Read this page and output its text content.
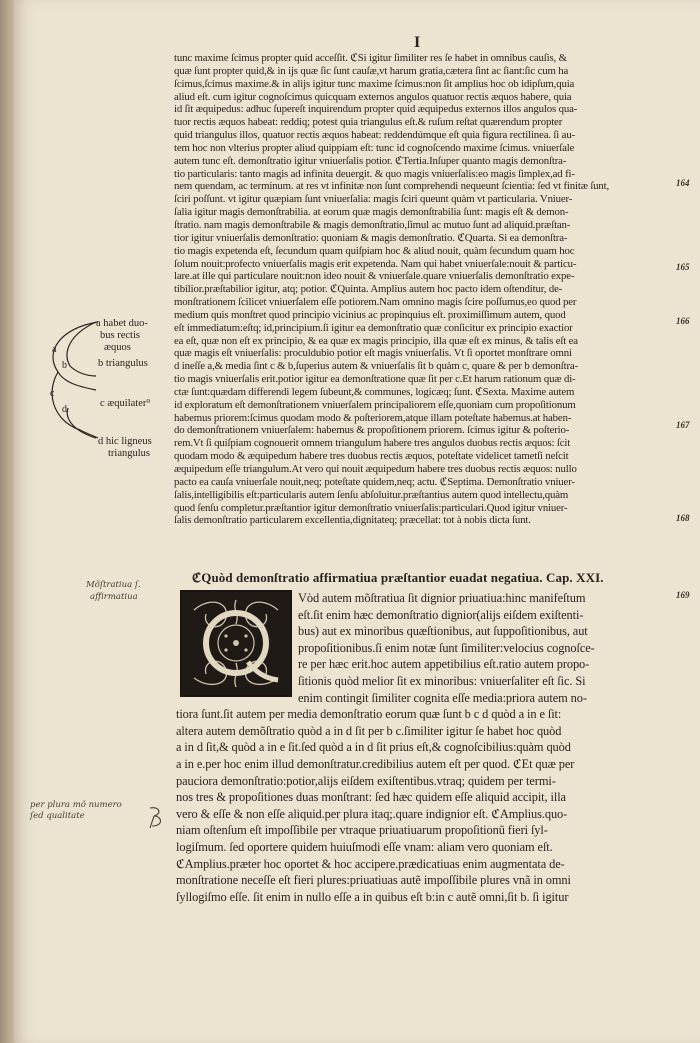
I
tunc maxime ſcimus propter quid acceſſit. ℭSi igitur ſimiliter res ſe habet in omnibus cauſis, &
quæ ſunt propter quid,& in ijs quæ ſic ſunt cauſæ,vt harum gratia,cætera ſint ac ſiant:ſic cum ha
ſcimus,ſcimus maxime.& in alijs igitur tunc maxime ſcimus:non ſit amplius hoc ob idipſum,quia
aliud eſt. cum igitur cognoſcimus quicquam externos angulos quatuor rectis æquos habere, quia
id ſit æquipedus: adhuc ſupereſt inquirendum propter quid æquipedus externos illos angulos qua-
tuor rectis æquos habeat: reddiq; potest quia triangulus eſt.& ruſum reſtat quærendum propter
quid triangulus illos, quatuor rectis æquos habeat: reddendúmque eſt quia figura rectilinea. ſi au-
tem hoc non vlterius propter aliud quippiam eſt: tunc id cognoſcendo maxime ſcimus. vniuerſale
autem tunc eſt. demonſtratio igitur vniuerſalis potior. ℭTertia.Inſuper quanto magis demonſtra-
tio particularis: tanto magis ad infinita deuergit. & quo magis vniuerſalis:eo magis ſimplex,ad fi-
nem quendam, ac terminum. at res vt infinitæ non ſunt comprehendi nequeunt ſcientia: ſed vt finitæ ſunt,
ſciri poſſunt. vt igitur quæpiam ſunt vniuerſalia: magis ſciri queunt quàm vt particularia. Vniuer-
ſalia igitur magis demonſtrabilia. at eorum quæ magis demonſtrabilia ſunt: magis eſt & demon-
ſtratio. nam magis demonſtrabile & magis demonſtratio,ſimul ac mutuo ſunt ad aliquid.præſtan-
tior igitur vniuerſalis demonſtratio: quoniam & magis demonſtratio. ℭQuarta. Si ea demonſtra-
tio magis expetenda eſt, ſecundum quam quiſpiam hoc & aliud nouit, quàm ſecundum quam hoc
ſolum nouit:profecto vniuerſalis magis erit expetenda. Nam qui habet vniuerſale:nouit & particu-
lare.at ille qui particulare nouit:non ideo nouit & vniuerſale.quare vniuerſalis demonſtratio expe-
tibilior.præſtabilior igitur, atq; potior. ℭQuinta. Amplius autem hoc pacto idem oſtenditur, de-
monſtrationem ſcilicet vniuerſalem eſſe potiorem.Nam omnino magis ſcire poſſumus,eo quod per
medium quis monſtret quod principio vicinius ac propinquius eſt. proximiſſimum autem, quod
eſt immediatum:eſtq; id,principium.ſi igitur ea demonſtratio quæ conſicitur ex principio exactior
ea eſt, quæ non eſt ex principio, & ea quæ ex magis principio, illa quæ eſt ex minus, & talis eſt ea
quæ magis eſt vniuerſalis: proculdubio potior eſt magis vniuerſalis. Vt ſi oportet monſtrare omni
d ineſſe a,& media ſint c & b,ſuperius autem & vniuerſalis ſit b quàm c, quare & per b demonſtra-
tio magis vniuerſalis erit.potior igitur ea demonſtratione quæ ſit per c.Et harum rationum quæ di-
ctæ ſunt:quædam differendi legem ſubeunt,& communes, logicæq; ſunt. ℭSexta. Maxime autem
id exploratum eſt demonſtrationem vniuerſalem principaliorem eſſe,quoniam cum propoſitionum
habemus priorem:ſcimus quodam modo & poſteriorem,atque illam poteſtate habemus.at haben-
do demonſtrationem vniuerſalem: habemus & propoſitionem priorem. ſcimus igitur & poſterio-
rem.Vt ſi quiſpiam cognouerit omnem triangulum habere tres angulos duobus rectis æquos: ſcit
quodam modo & æquipedum habere tres duobus rectis æquos, poteſtate videlicet tametſi neſcit
æquipedum eſſe triangulum.At vero qui nouit æquipedum habere tres duobus rectis æquos: nullo
pacto ea cauſa vniuerſale nouit,neq; poteſtate quidem,neq; actu. ℭSeptima. Demonſtratio vniuer-
ſalis,intelligibilis eſt:particularis autem ſenſu abſoluitur.præſtantius autem quod intellectu,quàm
quod ſenſu completur.præſtantior igitur demonſtratio vniuerſalis:particulari.Quod igitur vniuer-
ſalis demonſtratio particularem excellentia,dignitateq; præcellat: tot à nobis dicta ſunt.
ℭQuòd demonſtratio affirmatiua præſtantior euadat negatiua. Cap. XXI.
Vòd autem mõſtratiua ſit dignior priuatiua:hinc manifeſtum
eſt.ſit enim hæc demonſtratio dignior(alijs eiſdem exiſtenti-
bus) aut ex minoribus quæſtionibus, aut ſuppoſitionibus, aut
propoſitionibus.ſi enim notæ ſunt ſimiliter:velocius cognoſce-
re per hæc erit.hoc autem appetibilius eſt.ratio autem propo-
ſitionis quòd melior ſit ex minoribus: vniuerſaliter eſt ſic. Si
enim contingit ſimiliter cognita eſſe media:priora autem no-
tiora ſunt.ſit autem per media demonſtratio eorum quæ ſunt b c d quòd a in e ſit:
altera autem demõſtratio quòd a in d ſit per b c.ſimiliter igitur ſe habet hoc quòd
a in d ſit,& quòd a in e ſit.ſed quòd a in d ſit prius eſt,& cognoſcibilius:quàm quòd
a in e.per hoc enim illud demonſtratur.credibilius autem eſt per quod. ℭEt quæ per
pauciora demonſtratio:potior,alijs eiſdem exiſtentibus.vtraq; quidem per termi-
nos tres & propoſitiones duas monſtrant: ſed hæc quidem eſſe aliquid accipit, illa
vero & eſſe & non eſſe aliquid.per plura itaq;.quare indignior eſt. ℭAmplius.quo-
niam oſtenſum eſt impoſſibile per vtraque priuatiuarum propoſitionũ fieri ſyl-
logiſmum. ſed oportere quidem huiuſmodi eſſe vnam: aliam vero quoniam eſt.
ℭAmplius.præter hoc oportet & hoc accipere.prædicatiuas enim augmentata de-
monſtratione neceſſe eſt fieri plures:priuatiuas autẽ impoſſibile plures vnã in omni
ſyllogiſmo eſſe. ſit enim in nullo eſſe a in quibus eſt b:in c autẽ omni,ſit b. ſi igitur
164
165
166
167
168
169
a
b
c
d
a habet duo-
bus rectis
æquos
b triangulus
c æquilater⁹
d hic ligneus
triangulus
Mõſtratiua ſ.
affirmatiua
per plura mõ numero
ſed qualitate
